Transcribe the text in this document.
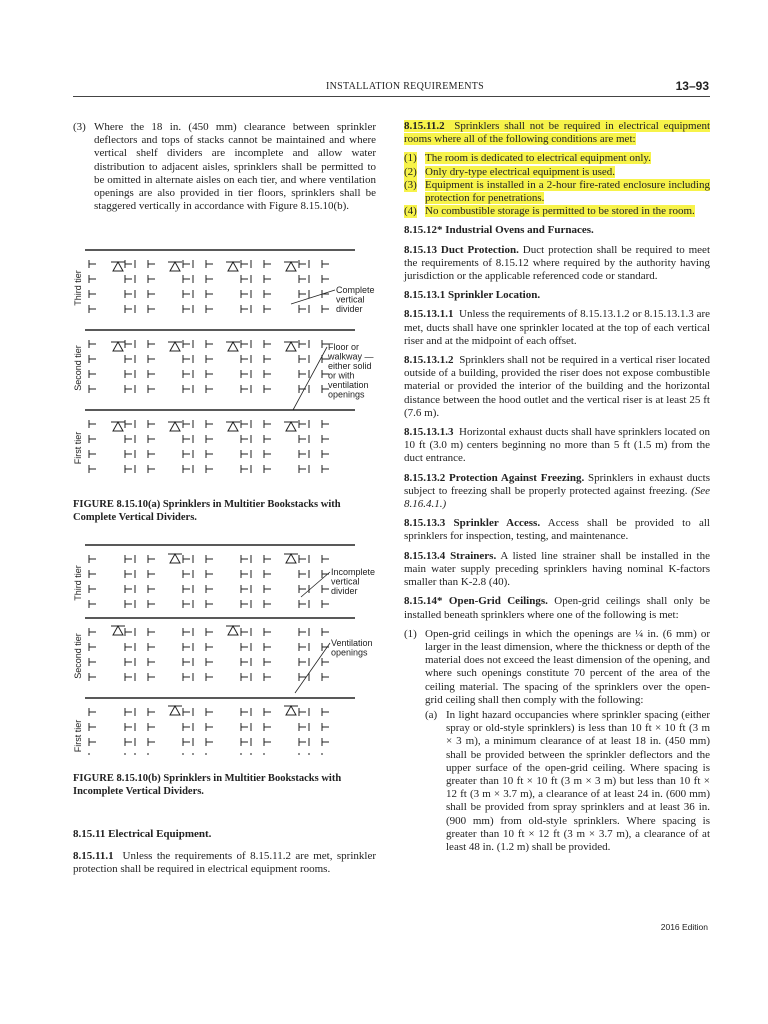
INSTALLATION REQUIREMENTS	13–93
(3) Where the 18 in. (450 mm) clearance between sprinkler deflectors and tops of stacks cannot be maintained and where vertical shelf dividers are incomplete and allow water distribution to adjacent aisles, sprinklers shall be permitted to be omitted in alternate aisles on each tier, and where ventilation openings are also provided in tier floors, sprinklers shall be staggered vertically in accordance with Figure 8.15.10(b).
Third tier
Second tier
First tier
Complete
vertical
divider
Floor or
walkway —
either solid
or with
ventilation
openings
FIGURE 8.15.10(a) Sprinklers in Multitier Bookstacks with Complete Vertical Dividers.
Third tier
Second tier
First tier
Incomplete
vertical
divider
Ventilation
openings
FIGURE 8.15.10(b) Sprinklers in Multitier Bookstacks with Incomplete Vertical Dividers.

8.15.11 Electrical Equipment.

8.15.11.1 Unless the requirements of 8.15.11.2 are met, sprinkler protection shall be required in electrical equipment rooms.

8.15.11.2 Sprinklers shall not be required in electrical equipment rooms where all of the following conditions are met:

(1) The room is dedicated to electrical equipment only.
(2) Only dry-type electrical equipment is used.
(3) Equipment is installed in a 2-hour fire-rated enclosure including protection for penetrations.
(4) No combustible storage is permitted to be stored in the room.

8.15.12* Industrial Ovens and Furnaces.

8.15.13 Duct Protection. Duct protection shall be required to meet the requirements of 8.15.12 where required by the authority having jurisdiction or the applicable referenced code or standard.

8.15.13.1 Sprinkler Location.

8.15.13.1.1 Unless the requirements of 8.15.13.1.2 or 8.15.13.1.3 are met, ducts shall have one sprinkler located at the top of each vertical riser and at the midpoint of each offset.

8.15.13.1.2 Sprinklers shall not be required in a vertical riser located outside of a building, provided the riser does not expose combustible material or provided the interior of the building and the horizontal distance between the hood outlet and the vertical riser is at least 25 ft (7.6 m).

8.15.13.1.3 Horizontal exhaust ducts shall have sprinklers located on 10 ft (3.0 m) centers beginning no more than 5 ft (1.5 m) from the duct entrance.

8.15.13.2 Protection Against Freezing. Sprinklers in exhaust ducts subject to freezing shall be properly protected against freezing. (See 8.16.4.1.)

8.15.13.3 Sprinkler Access. Access shall be provided to all sprinklers for inspection, testing, and maintenance.

8.15.13.4 Strainers. A listed line strainer shall be installed in the main water supply preceding sprinklers having nominal K-factors smaller than K-2.8 (40).

8.15.14* Open-Grid Ceilings. Open-grid ceilings shall only be installed beneath sprinklers where one of the following is met:

(1) Open-grid ceilings in which the openings are ¼ in. (6 mm) or larger in the least dimension, where the thickness or depth of the material does not exceed the least dimension of the opening, and where such openings constitute 70 percent of the area of the ceiling material. The spacing of the sprinklers over the open-grid ceiling shall then comply with the following:
(a) In light hazard occupancies where sprinkler spacing (either spray or old-style sprinklers) is less than 10 ft × 10 ft (3 m × 3 m), a minimum clearance of at least 18 in. (450 mm) shall be provided between the sprinkler deflectors and the upper surface of the open-grid ceiling. Where spacing is greater than 10 ft × 10 ft (3 m × 3 m) but less than 10 ft × 12 ft (3 m × 3.7 m), a clearance of at least 24 in. (600 mm) shall be provided from spray sprinklers and at least 36 in. (900 mm) from old-style sprinklers. Where spacing is greater than 10 ft × 12 ft (3 m × 3.7 m), a clearance of at least 48 in. (1.2 m) shall be provided.
2016 Edition
